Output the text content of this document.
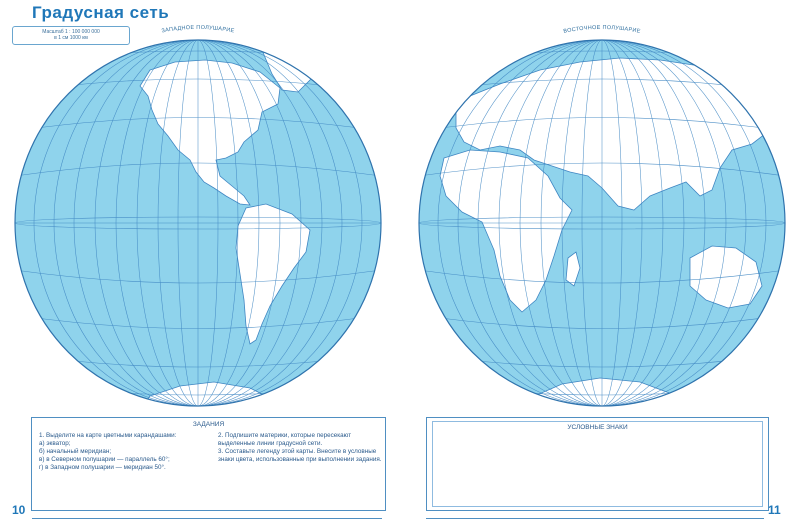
Градусная сеть
Масштаб 1 : 100 000 000
в 1 см 1000 км
ЗАПАДНОЕ ПОЛУШАРИЕ	ВОСТОЧНОЕ ПОЛУШАРИЕ
ЗАДАНИЯ
1. Выделите на карте цветными карандашами:
а) экватор;
б) начальный меридиан;
в) в Северном полушарии — параллель 60°;
г) в Западном полушарии — меридиан 50°.
2. Подпишите материки, которые пересекают выделенные линии градусной сети.
3. Составьте легенду этой карты. Внесите в условные знаки цвета, использованные при выполнении задания.
УСЛОВНЫЕ ЗНАКИ
10	11
